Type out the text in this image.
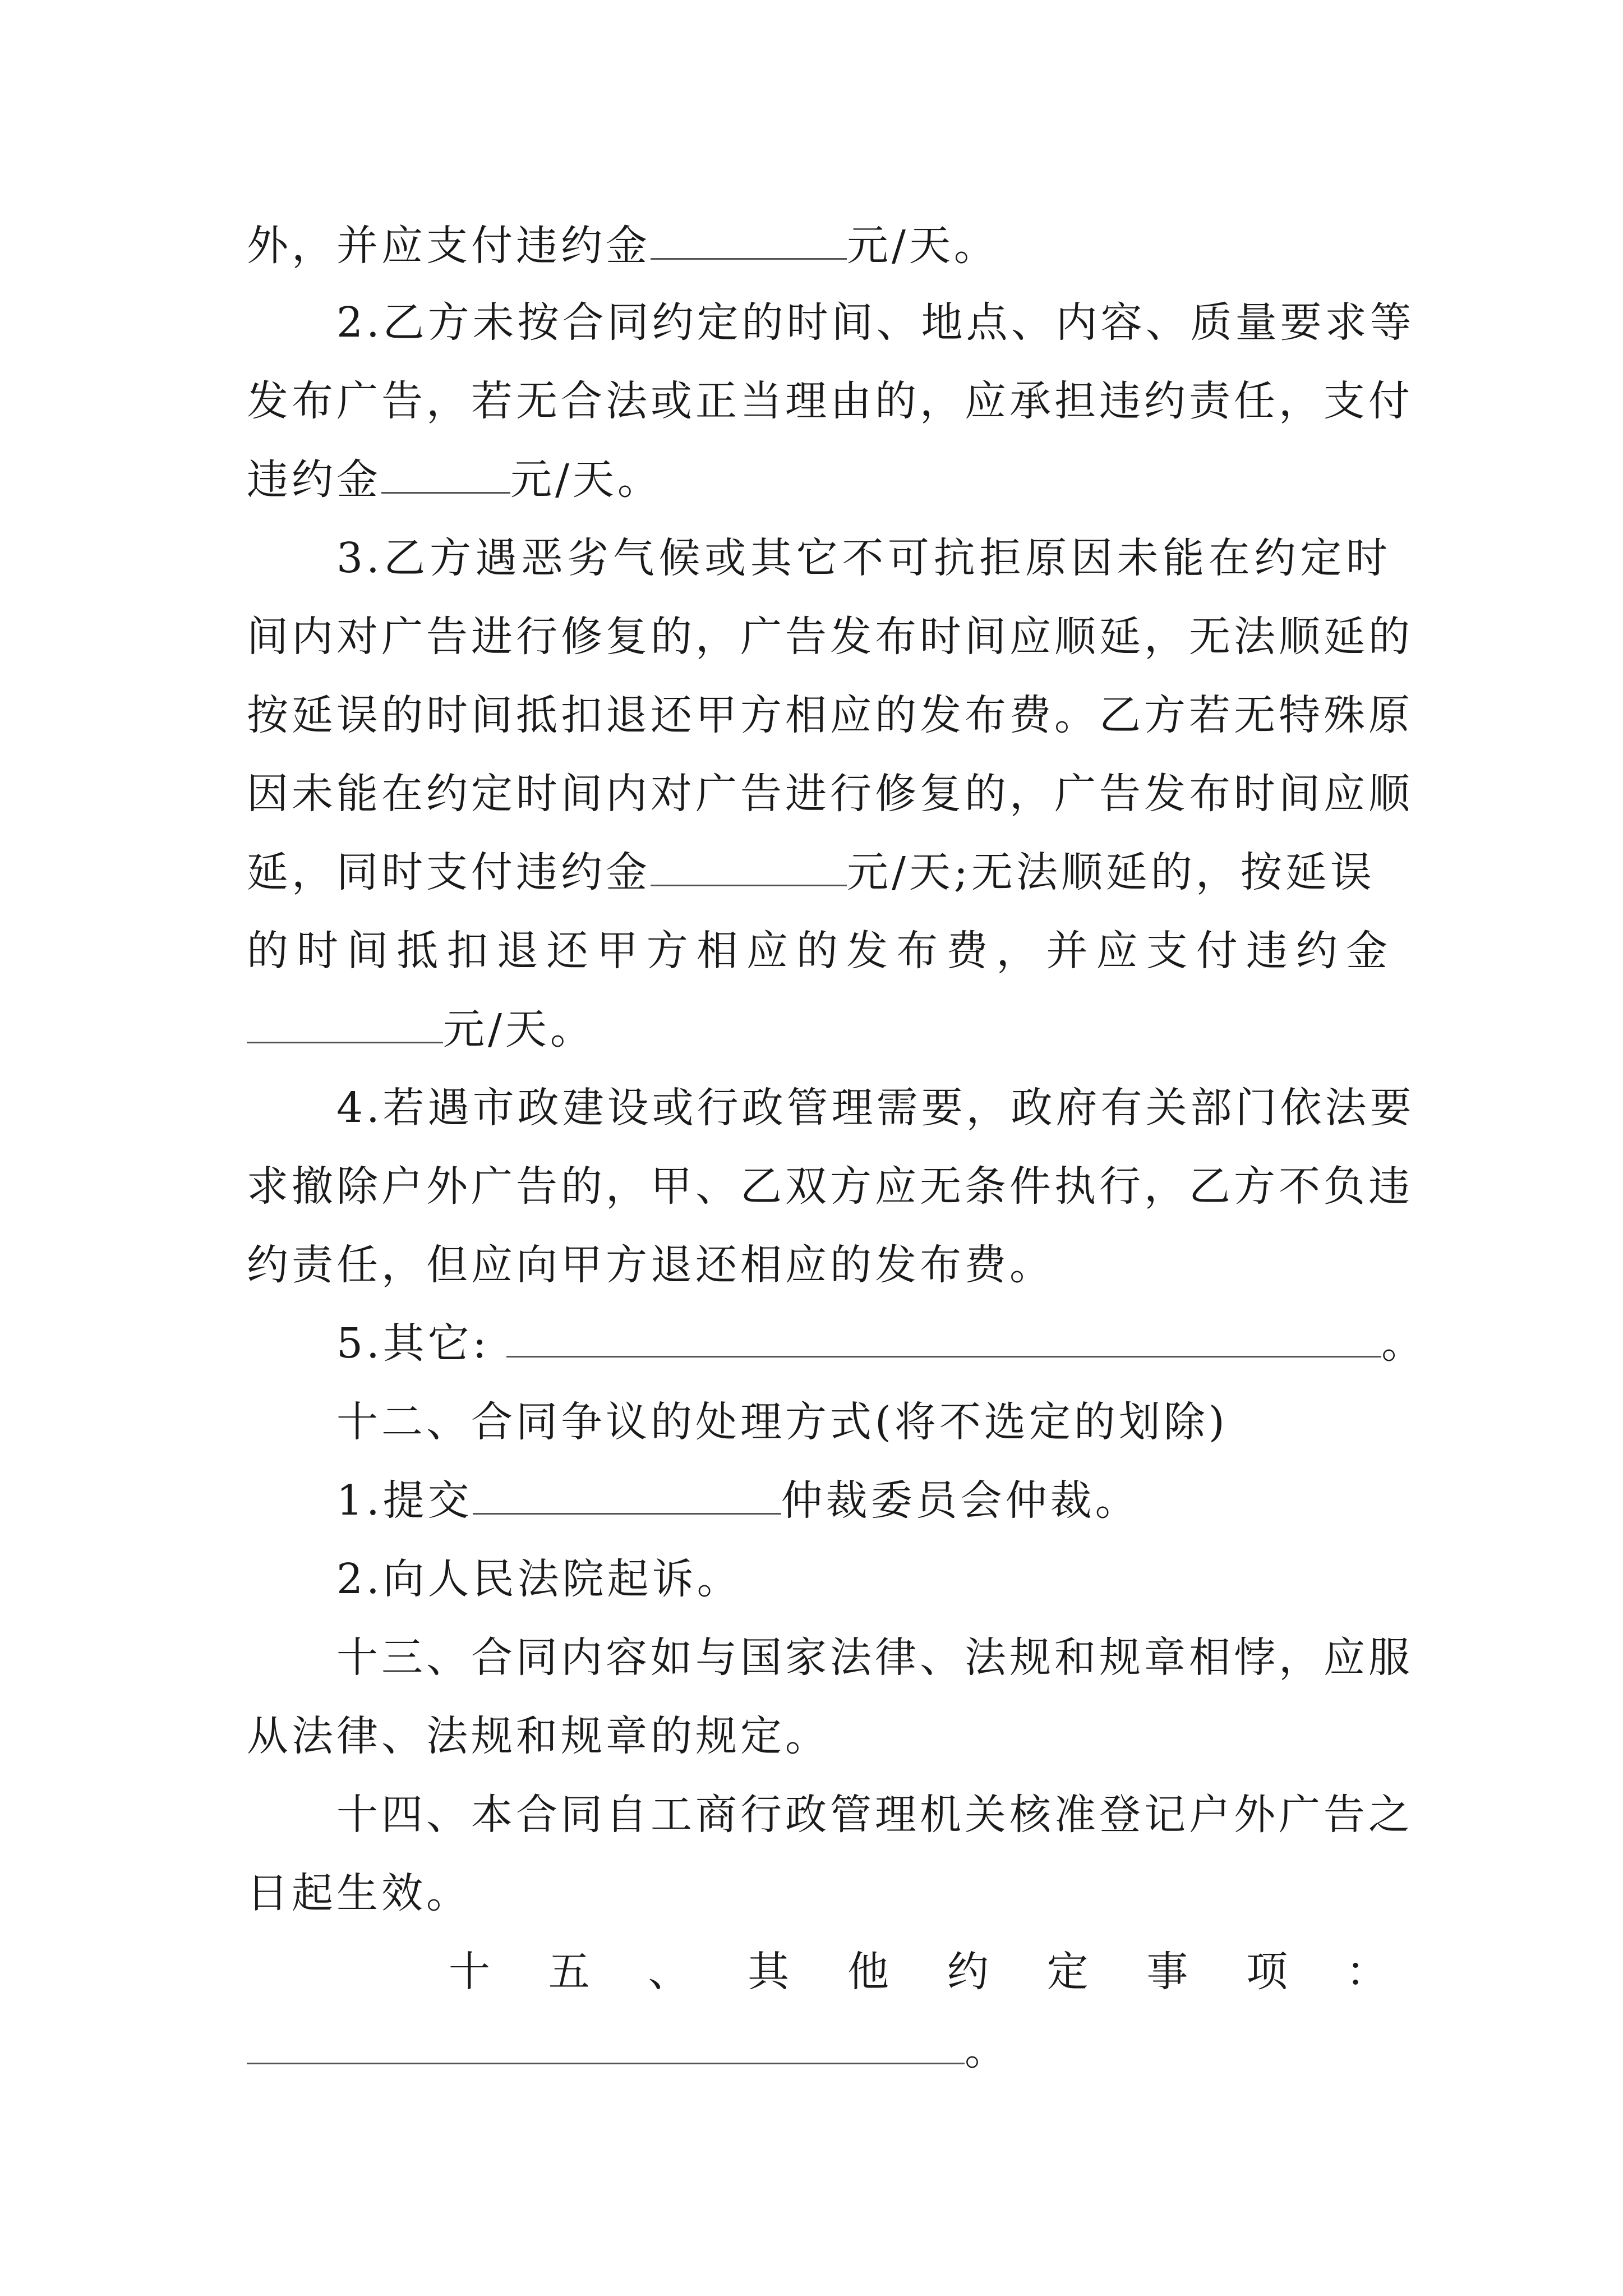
外，并应支付违约金	元/天。
2.乙方未按合同约定的时间、地点、内容、质量要求等
发布广告，若无合法或正当理由的，应承担违约责任，支付
违约金	元/天。
3.乙方遇恶劣气候或其它不可抗拒原因未能在约定时
间内对广告进行修复的，广告发布时间应顺延，无法顺延的
按延误的时间抵扣退还甲方相应的发布费。乙方若无特殊原
因未能在约定时间内对广告进行修复的，广告发布时间应顺
延，同时支付违约金	元/天;无法顺延的，按延误
的时间抵扣退还甲方相应的发布费，并应支付违约金
元/天。
4.若遇市政建设或行政管理需要，政府有关部门依法要
求撤除户外广告的，甲、乙双方应无条件执行，乙方不负违
约责任，但应向甲方退还相应的发布费。
5.其它:	。
十二、合同争议的处理方式(将不选定的划除)
1.提交	仲裁委员会仲裁。
2.向人民法院起诉。
十三、合同内容如与国家法律、法规和规章相悖，应服
从法律、法规和规章的规定。
十四、本合同自工商行政管理机关核准登记户外广告之
日起生效。
十 五 、 其 他 约 定 事 项 ：
。
